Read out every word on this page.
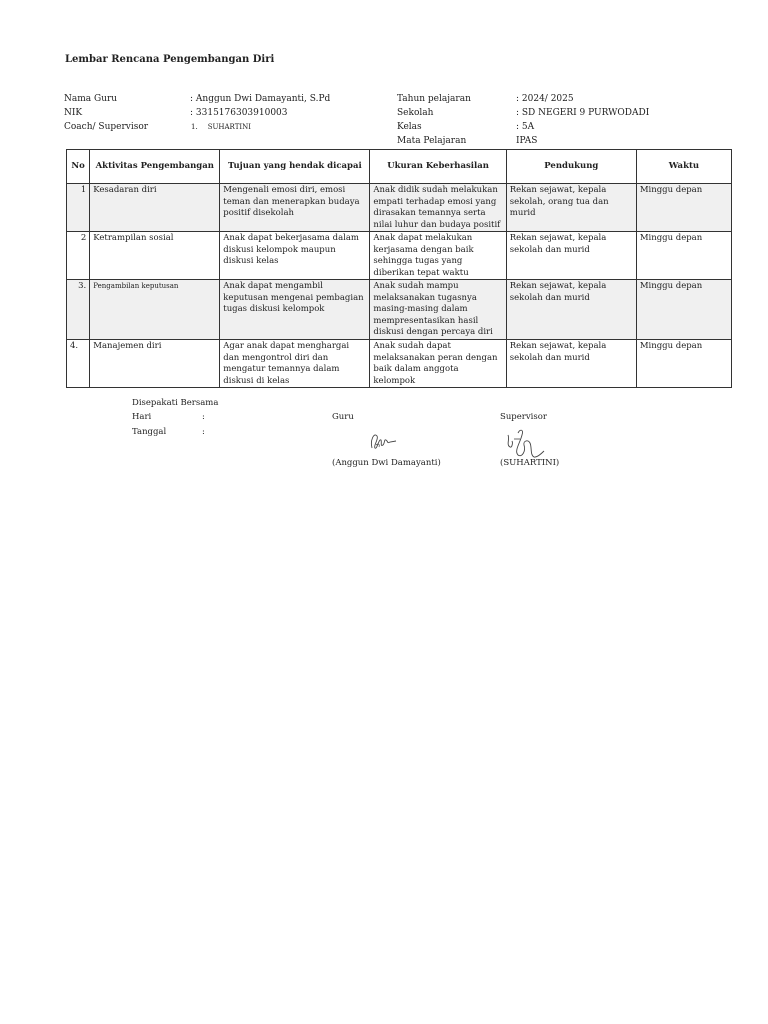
Lembar Rencana Pengembangan Diri
Nama Guru	: Anggun Dwi Damayanti, S.Pd
NIK	: 3315176303910003
Coach/ Supervisor	1. SUHARTINI
Tahun pelajaran	: 2024/ 2025
Sekolah	: SD NEGERI 9 PURWODADI
Kelas	: 5A
Mata Pelajaran	IPAS
No	Aktivitas Pengembangan	Tujuan yang hendak dicapai	Ukuran Keberhasilan	Pendukung	Waktu
1	Kesadaran diri	Mengenali emosi diri, emosi teman dan menerapkan budaya positif disekolah	Anak didik sudah melakukan empati terhadap emosi yang dirasakan temannya serta nilai luhur dan budaya positif	Rekan sejawat, kepala sekolah, orang tua dan murid	Minggu depan
2	Ketrampilan sosial	Anak dapat bekerjasama dalam diskusi kelompok maupun diskusi kelas	Anak dapat melakukan kerjasama dengan baik sehingga tugas yang diberikan tepat waktu	Rekan sejawat, kepala sekolah dan murid	Minggu depan
3.	Pengambilan keputusan	Anak dapat mengambil keputusan mengenai pembagian tugas diskusi kelompok	Anak sudah mampu melaksanakan tugasnya masing-masing dalam mempresentasikan hasil diskusi dengan percaya diri	Rekan sejawat, kepala sekolah dan murid	Minggu depan
4.	Manajemen diri	Agar anak dapat menghargai dan mengontrol diri dan mengatur temannya dalam diskusi di kelas	Anak sudah dapat melaksanakan peran dengan baik dalam anggota kelompok	Rekan sejawat, kepala sekolah dan murid	Minggu depan
Disepakati Bersama
Hari	:
Tanggal	:
Guru	Supervisor
(Anggun Dwi Damayanti)	(SUHARTINI)
